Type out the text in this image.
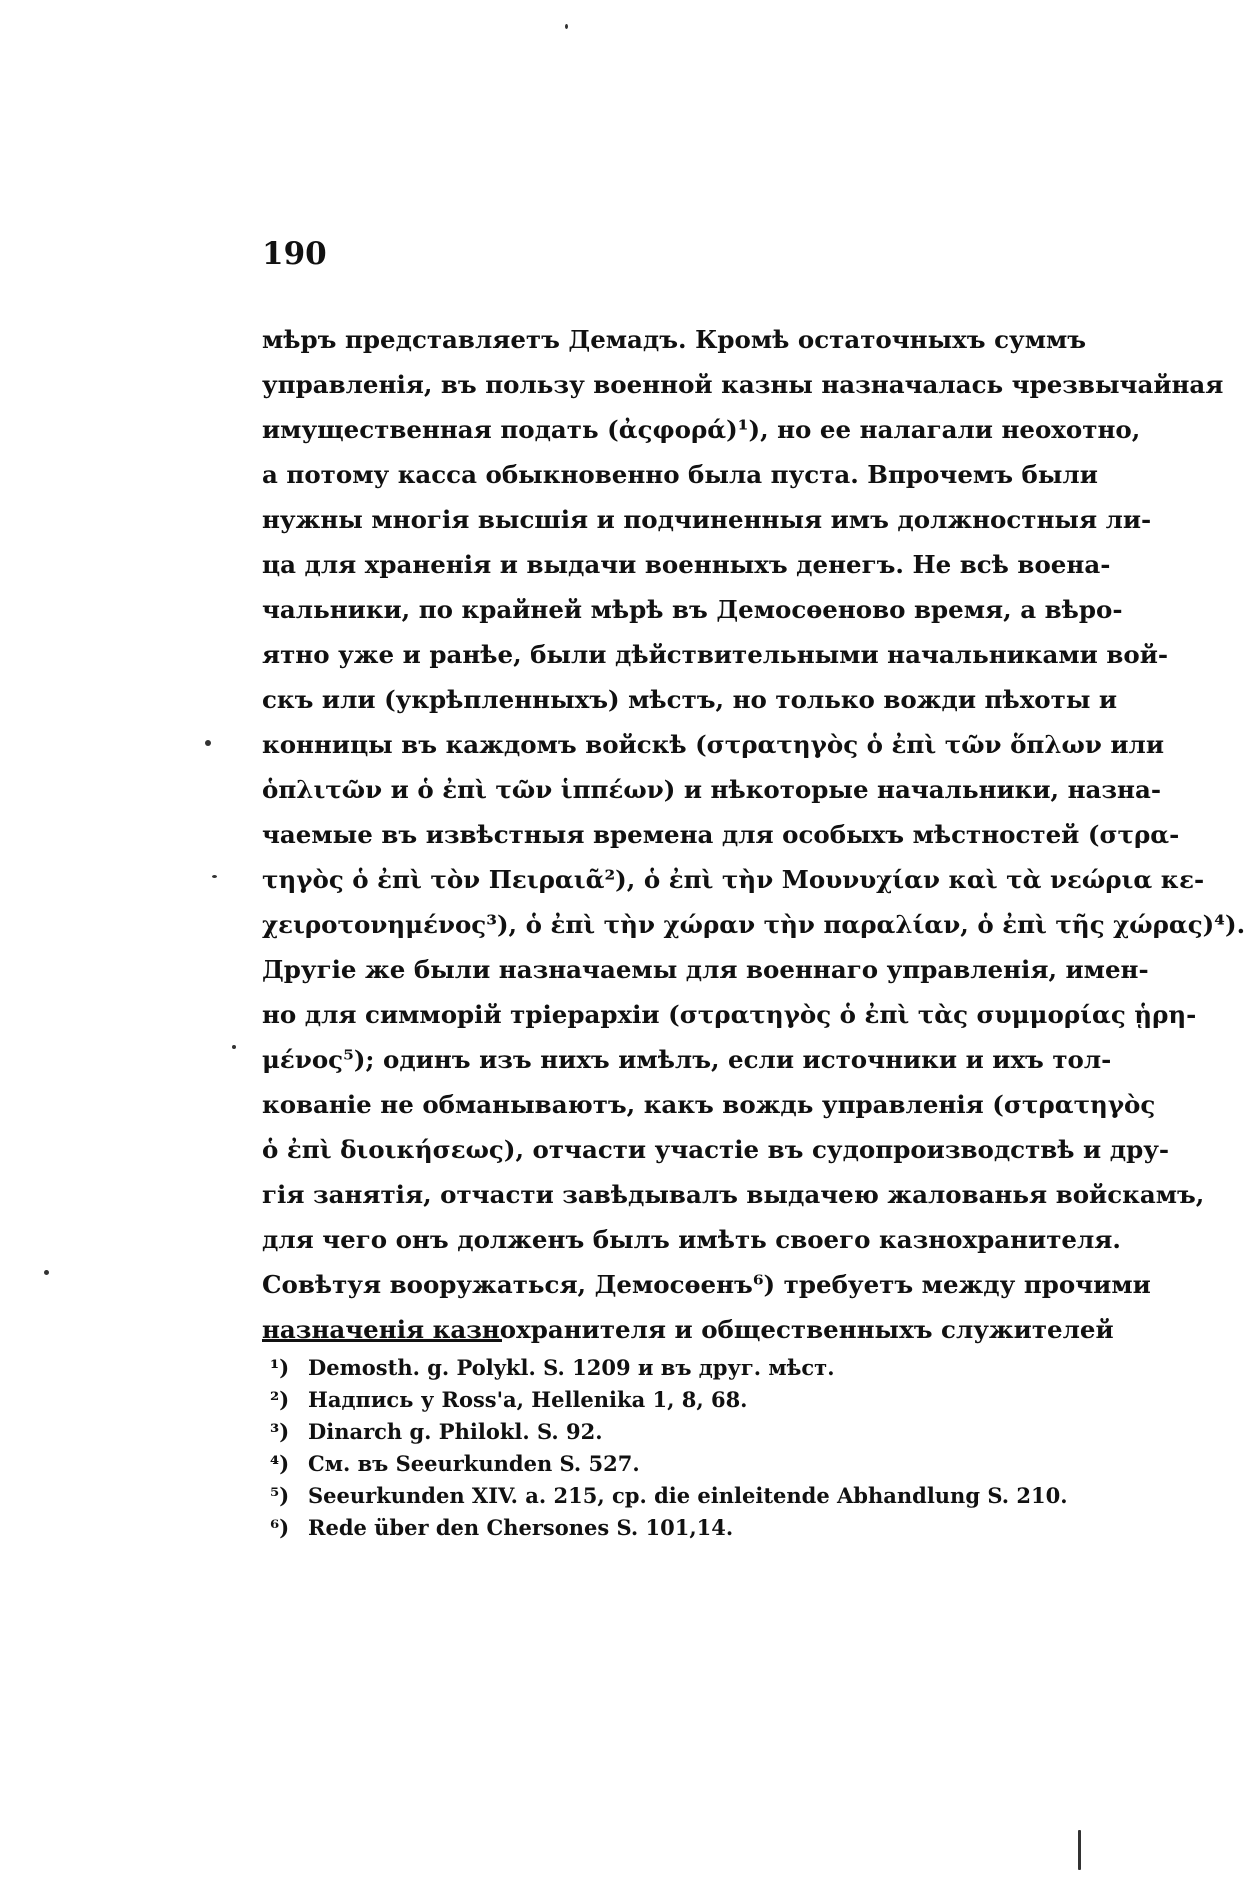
190
мѣръ представляетъ Демадъ. Кромѣ остаточныхъ суммъ
управленія, въ пользу военной казны назначалась чрезвычайная
имущественная подать (ἀςφορά)¹), но ее налагали неохотно,
а потому касса обыкновенно была пуста. Впрочемъ были
нужны многія высшія и подчиненныя имъ должностныя ли-
ца для храненія и выдачи военныхъ денегъ. Не всѣ воена-
чальники, по крайней мѣрѣ въ Демосѳеново время, а вѣро-
ятно уже и ранѣе, были дѣйствительными начальниками вой-
скъ или (укрѣпленныхъ) мѣстъ, но только вожди пѣхоты и
конницы въ каждомъ войскѣ (στρατηγὸς ὁ ἐπὶ τῶν ὅπλων или
ὁπλιτῶν и ὁ ἐπὶ τῶν ἱππέων) и нѣкоторые начальники, назна-
чаемые въ извѣстныя времена для особыхъ мѣстностей (στρα-
τηγὸς ὁ ἐπὶ τὸν Πειραιᾶ²), ὁ ἐπὶ τὴν Μουνυχίαν καὶ τὰ νεώρια κε-
χειροτονημένος³), ὁ ἐπὶ τὴν χώραν τὴν παραλίαν, ὁ ἐπὶ τῆς χώρας)⁴).
Другіе же были назначаемы для военнаго управленія, имен-
но для симморій тріерархіи (στρατηγὸς ὁ ἐπὶ τὰς συμμορίας ᾑρη-
μένος⁵); одинъ изъ нихъ имѣлъ, если источники и ихъ тол-
кованіе не обманываютъ, какъ вождь управленія (στρατηγὸς
ὁ ἐπὶ διοικήσεως), отчасти участіе въ судопроизводствѣ и дру-
гія занятія, отчасти завѣдывалъ выдачею жалованья войскамъ,
для чего онъ долженъ былъ имѣть своего казнохранителя.
Совѣтуя вооружаться, Демосѳенъ⁶) требуетъ между прочими
назначенія казнохранителя и общественныхъ служителей
¹) Demosth. g. Polykl. S. 1209 и въ друг. мѣст.
²) Надпись у Ross'a, Hellenika 1, 8, 68.
³) Dinarch g. Philokl. S. 92.
⁴) См. въ Seeurkunden S. 527.
⁵) Seeurkunden XIV. a. 215, ср. die einleitende Abhandlung S. 210.
⁶) Rede über den Chersones S. 101,14.
